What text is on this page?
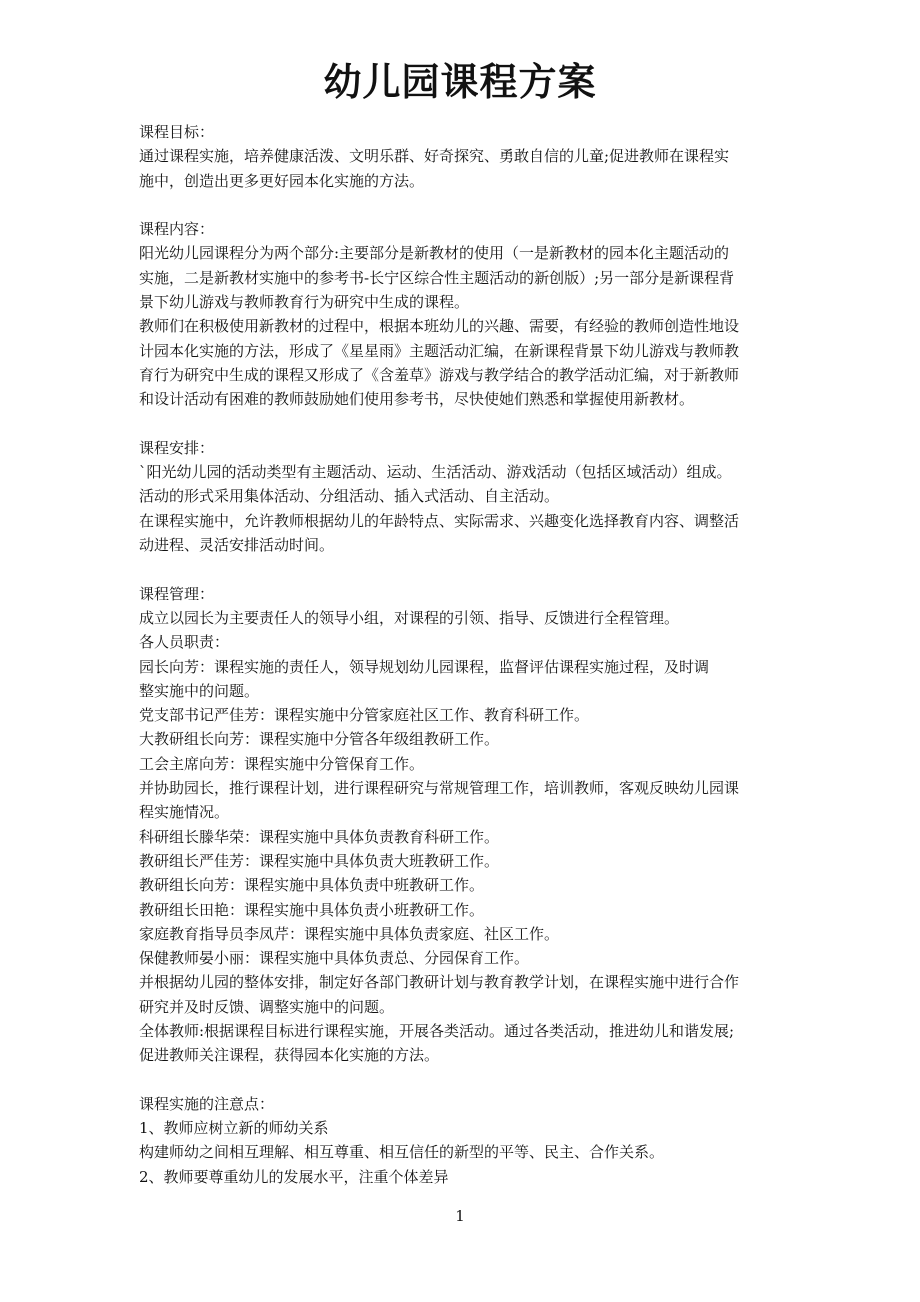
幼儿园课程方案
课程目标：
通过课程实施，培养健康活泼、文明乐群、好奇探究、勇敢自信的儿童;促进教师在课程实
施中，创造出更多更好园本化实施的方法。
课程内容：
阳光幼儿园课程分为两个部分:主要部分是新教材的使用（一是新教材的园本化主题活动的
实施，二是新教材实施中的参考书-长宁区综合性主题活动的新创版）;另一部分是新课程背
景下幼儿游戏与教师教育行为研究中生成的课程。
教师们在积极使用新教材的过程中，根据本班幼儿的兴趣、需要，有经验的教师创造性地设
计园本化实施的方法，形成了《星星雨》主题活动汇编，在新课程背景下幼儿游戏与教师教
育行为研究中生成的课程又形成了《含羞草》游戏与教学结合的教学活动汇编，对于新教师
和设计活动有困难的教师鼓励她们使用参考书，尽快使她们熟悉和掌握使用新教材。
课程安排：
`阳光幼儿园的活动类型有主题活动、运动、生活活动、游戏活动（包括区域活动）组成。
活动的形式采用集体活动、分组活动、插入式活动、自主活动。
在课程实施中，允许教师根据幼儿的年龄特点、实际需求、兴趣变化选择教育内容、调整活
动进程、灵活安排活动时间。
课程管理：
成立以园长为主要责任人的领导小组，对课程的引领、指导、反馈进行全程管理。
各人员职责：
园长向芳：课程实施的责任人，领导规划幼儿园课程，监督评估课程实施过程，及时调
整实施中的问题。
党支部书记严佳芳：课程实施中分管家庭社区工作、教育科研工作。
大教研组长向芳：课程实施中分管各年级组教研工作。
工会主席向芳：课程实施中分管保育工作。
并协助园长，推行课程计划，进行课程研究与常规管理工作，培训教师，客观反映幼儿园课
程实施情况。
科研组长滕华荣：课程实施中具体负责教育科研工作。
教研组长严佳芳：课程实施中具体负责大班教研工作。
教研组长向芳：课程实施中具体负责中班教研工作。
教研组长田艳：课程实施中具体负责小班教研工作。
家庭教育指导员李凤芹：课程实施中具体负责家庭、社区工作。
保健教师晏小丽：课程实施中具体负责总、分园保育工作。
并根据幼儿园的整体安排，制定好各部门教研计划与教育教学计划，在课程实施中进行合作
研究并及时反馈、调整实施中的问题。
全体教师:根据课程目标进行课程实施，开展各类活动。通过各类活动，推进幼儿和谐发展;
促进教师关注课程，获得园本化实施的方法。
课程实施的注意点：
1、教师应树立新的师幼关系
构建师幼之间相互理解、相互尊重、相互信任的新型的平等、民主、合作关系。
2、教师要尊重幼儿的发展水平，注重个体差异
1
